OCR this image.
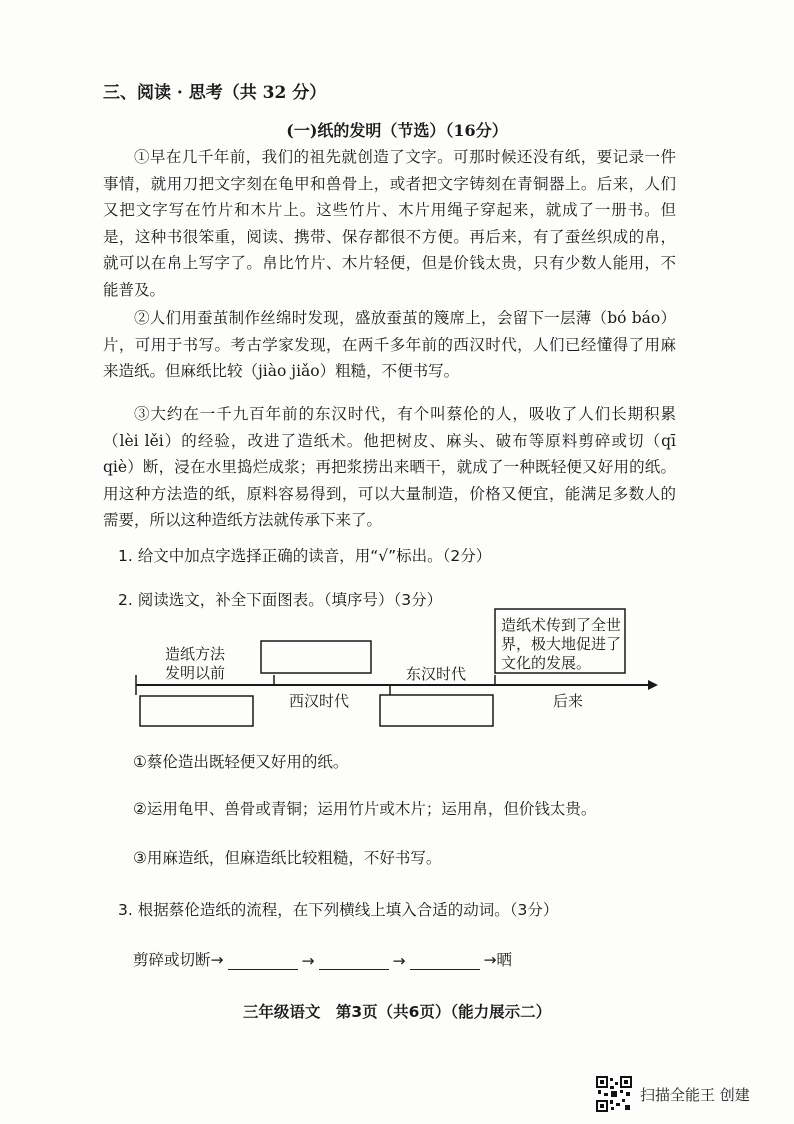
三、阅读 · 思考（共 32 分）
(一)纸的发明（节选）（16分）
①早在几千年前，我们的祖先就创造了文字。可那时候还没有纸，要记录一件事情，就用刀把文字刻在龟甲和兽骨上，或者把文字铸刻在青铜器上。后来，人们又把文字写在竹片和木片上。这些竹片、木片用绳子穿起来，就成了一册书。但是，这种书很笨重，阅读、携带、保存都很不方便。再后来，有了蚕丝织成的帛，就可以在帛上写字了。帛比竹片、木片轻便，但是价钱太贵，只有少数人能用，不能普及。
②人们用蚕茧制作丝绵时发现，盛放蚕茧的篾席上，会留下一层薄（bó báo）片，可用于书写。考古学家发现，在两千多年前的西汉时代，人们已经懂得了用麻来造纸。但麻纸比较（jiào jiǎo）粗糙，不便书写。
③大约在一千九百年前的东汉时代，有个叫蔡伦的人，吸收了人们长期积累（lèi lěi）的经验，改进了造纸术。他把树皮、麻头、破布等原料剪碎或切（qī qiè）断，浸在水里捣烂成浆；再把浆捞出来晒干，就成了一种既轻便又好用的纸。用这种方法造的纸，原料容易得到，可以大量制造，价格又便宜，能满足多数人的需要，所以这种造纸方法就传承下来了。
1. 给文中加点字选择正确的读音，用“√”标出。（2分）
2. 阅读选文，补全下面图表。（填序号）（3分）
造纸方法
发明以前
西汉时代
东汉时代
造纸术传到了全世
界，极大地促进了
文化的发展。
后来
①蔡伦造出既轻便又好用的纸。
②运用龟甲、兽骨或青铜；运用竹片或木片；运用帛，但价钱太贵。
③用麻造纸，但麻造纸比较粗糙，不好书写。
3. 根据蔡伦造纸的流程，在下列横线上填入合适的动词。（3分）
剪碎或切断→	→	→	→晒
三年级语文　第3页（共6页）（能力展示二）
扫描全能王 创建
